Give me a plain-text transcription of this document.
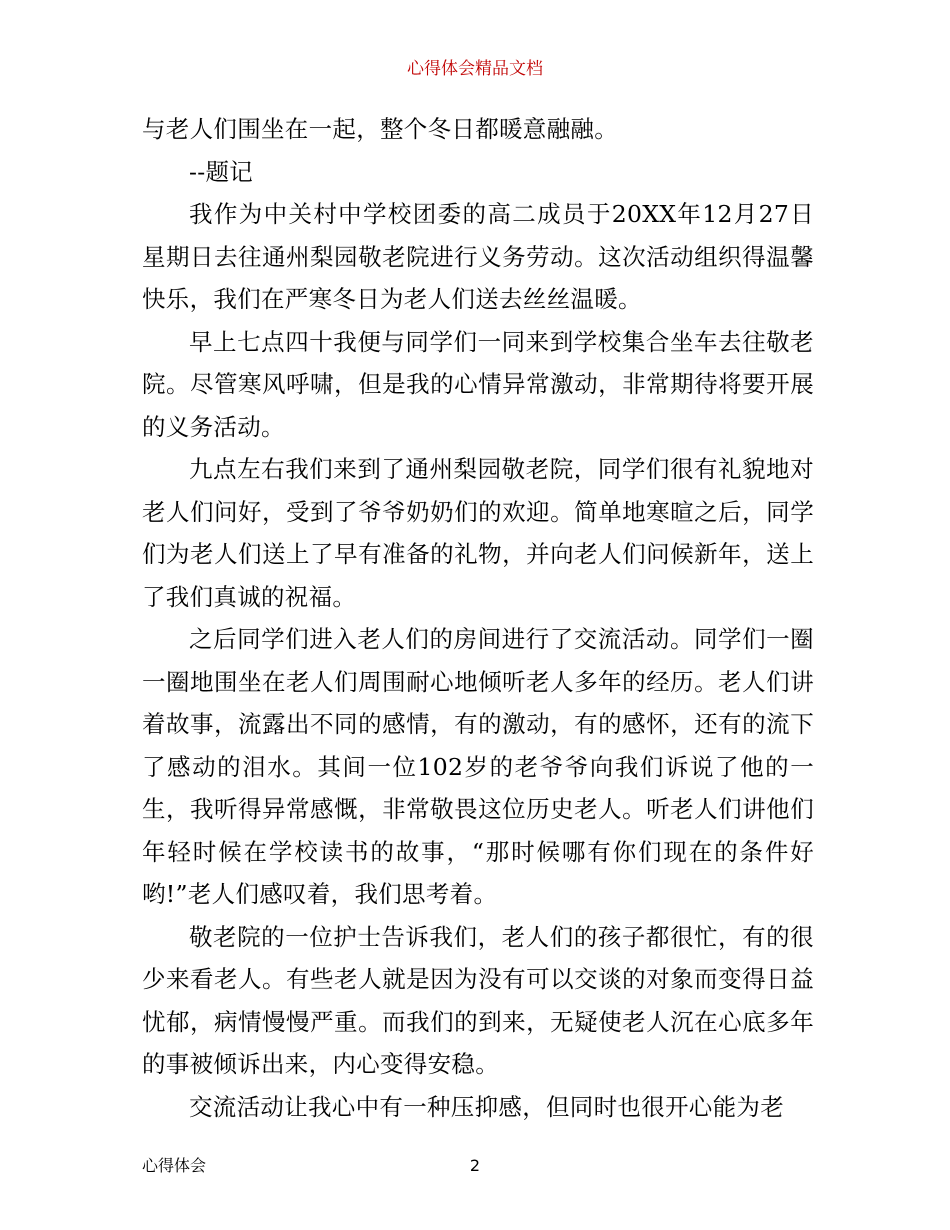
心得体会精品文档

与老人们围坐在一起，整个冬日都暖意融融。

--题记

我作为中关村中学校团委的高二成员于20XX年12月27日星期日去往通州梨园敬老院进行义务劳动。这次活动组织得温馨快乐，我们在严寒冬日为老人们送去丝丝温暖。

早上七点四十我便与同学们一同来到学校集合坐车去往敬老院。尽管寒风呼啸，但是我的心情异常激动，非常期待将要开展的义务活动。

九点左右我们来到了通州梨园敬老院，同学们很有礼貌地对老人们问好，受到了爷爷奶奶们的欢迎。简单地寒暄之后，同学们为老人们送上了早有准备的礼物，并向老人们问候新年，送上了我们真诚的祝福。

之后同学们进入老人们的房间进行了交流活动。同学们一圈一圈地围坐在老人们周围耐心地倾听老人多年的经历。老人们讲着故事，流露出不同的感情，有的激动，有的感怀，还有的流下了感动的泪水。其间一位102岁的老爷爷向我们诉说了他的一生，我听得异常感慨，非常敬畏这位历史老人。听老人们讲他们年轻时候在学校读书的故事，“那时候哪有你们现在的条件好哟!”老人们感叹着，我们思考着。

敬老院的一位护士告诉我们，老人们的孩子都很忙，有的很少来看老人。有些老人就是因为没有可以交谈的对象而变得日益忧郁，病情慢慢严重。而我们的到来，无疑使老人沉在心底多年的事被倾诉出来，内心变得安稳。

交流活动让我心中有一种压抑感，但同时也很开心能为老

心得体会	2
